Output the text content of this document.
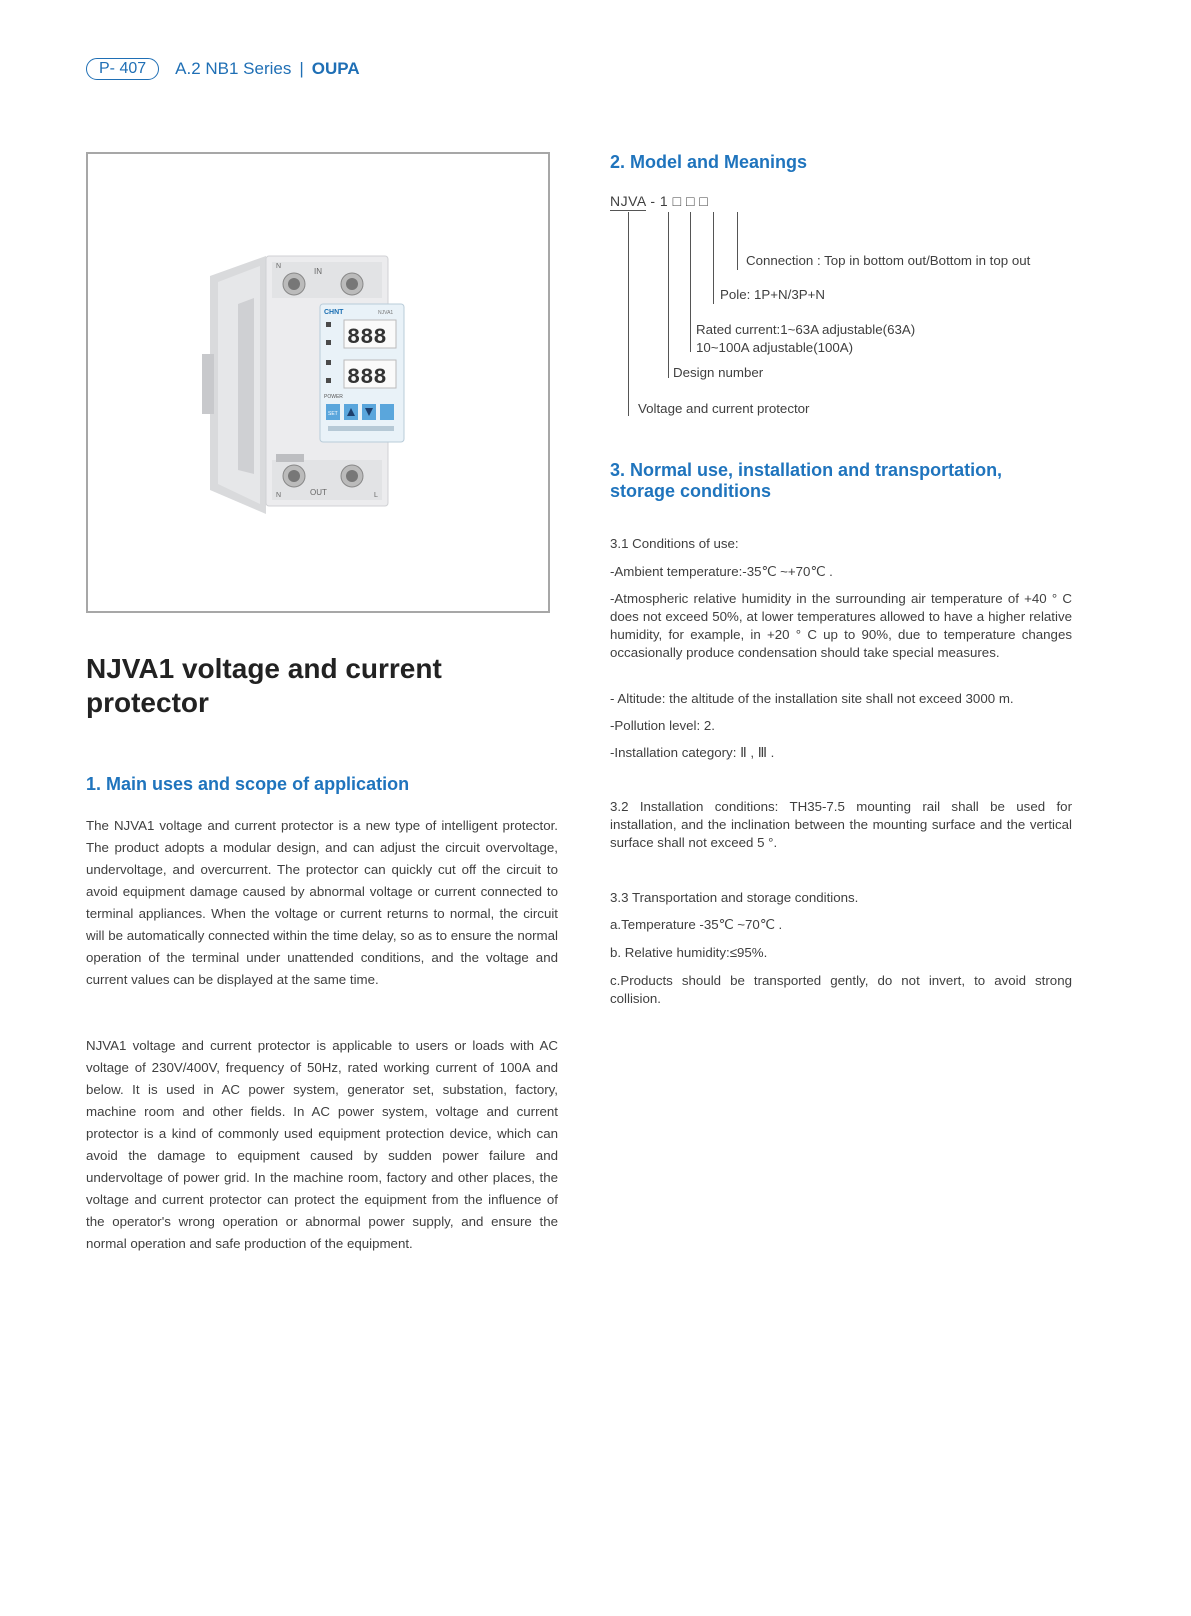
P- 407	A.2 NB1 Series | OUPA
N
IN
N	OUT	L
CHNT	NJVA1
888
888
POWER
SET
NJVA1 voltage and current protector
1. Main uses and scope of application
The NJVA1 voltage and current protector is a new type of intelligent protector. The product adopts a modular design, and can adjust the circuit overvoltage, undervoltage, and overcurrent. The protector can quickly cut off the circuit to avoid equipment damage caused by abnormal voltage or current connected to terminal appliances. When the voltage or current returns to normal, the circuit will be automatically connected within the time delay, so as to ensure the normal operation of the terminal under unattended conditions, and the voltage and current values can be displayed at the same time.
NJVA1 voltage and current protector is applicable to users or loads with AC voltage of 230V/400V, frequency of 50Hz, rated working current of 100A and below. It is used in AC power system, generator set, substation, factory, machine room and other fields. In AC power system, voltage and current protector is a kind of commonly used equipment protection device, which can avoid the damage to equipment caused by sudden power failure and undervoltage of power grid. In the machine room, factory and other places, the voltage and current protector can protect the equipment from the influence of the operator's wrong operation or abnormal power supply, and ensure the normal operation and safe production of the equipment.
2. Model and Meanings
NJVA - 1 □ □ □
Connection : Top in bottom out/Bottom in top out
Pole: 1P+N/3P+N
Rated current:1~63A adjustable(63A)
10~100A adjustable(100A)
Design number
Voltage and current protector
3. Normal use, installation and transportation, storage conditions
3.1 Conditions of use:
-Ambient temperature:-35℃ ~+70℃ .
-Atmospheric relative humidity in the surrounding air temperature of +40 ° C does not exceed 50%, at lower temperatures allowed to have a higher relative humidity, for example, in +20 ° C up to 90%, due to temperature changes occasionally produce condensation should take special measures.
- Altitude: the altitude of the installation site shall not exceed 3000 m.
-Pollution level: 2.
-Installation category: Ⅱ , Ⅲ .
3.2 Installation conditions: TH35-7.5 mounting rail shall be used for installation, and the inclination between the mounting surface and the vertical surface shall not exceed 5 °.
3.3 Transportation and storage conditions.
a.Temperature -35℃ ~70℃ .
b. Relative humidity:≤95%.
c.Products should be transported gently, do not invert, to avoid strong collision.
